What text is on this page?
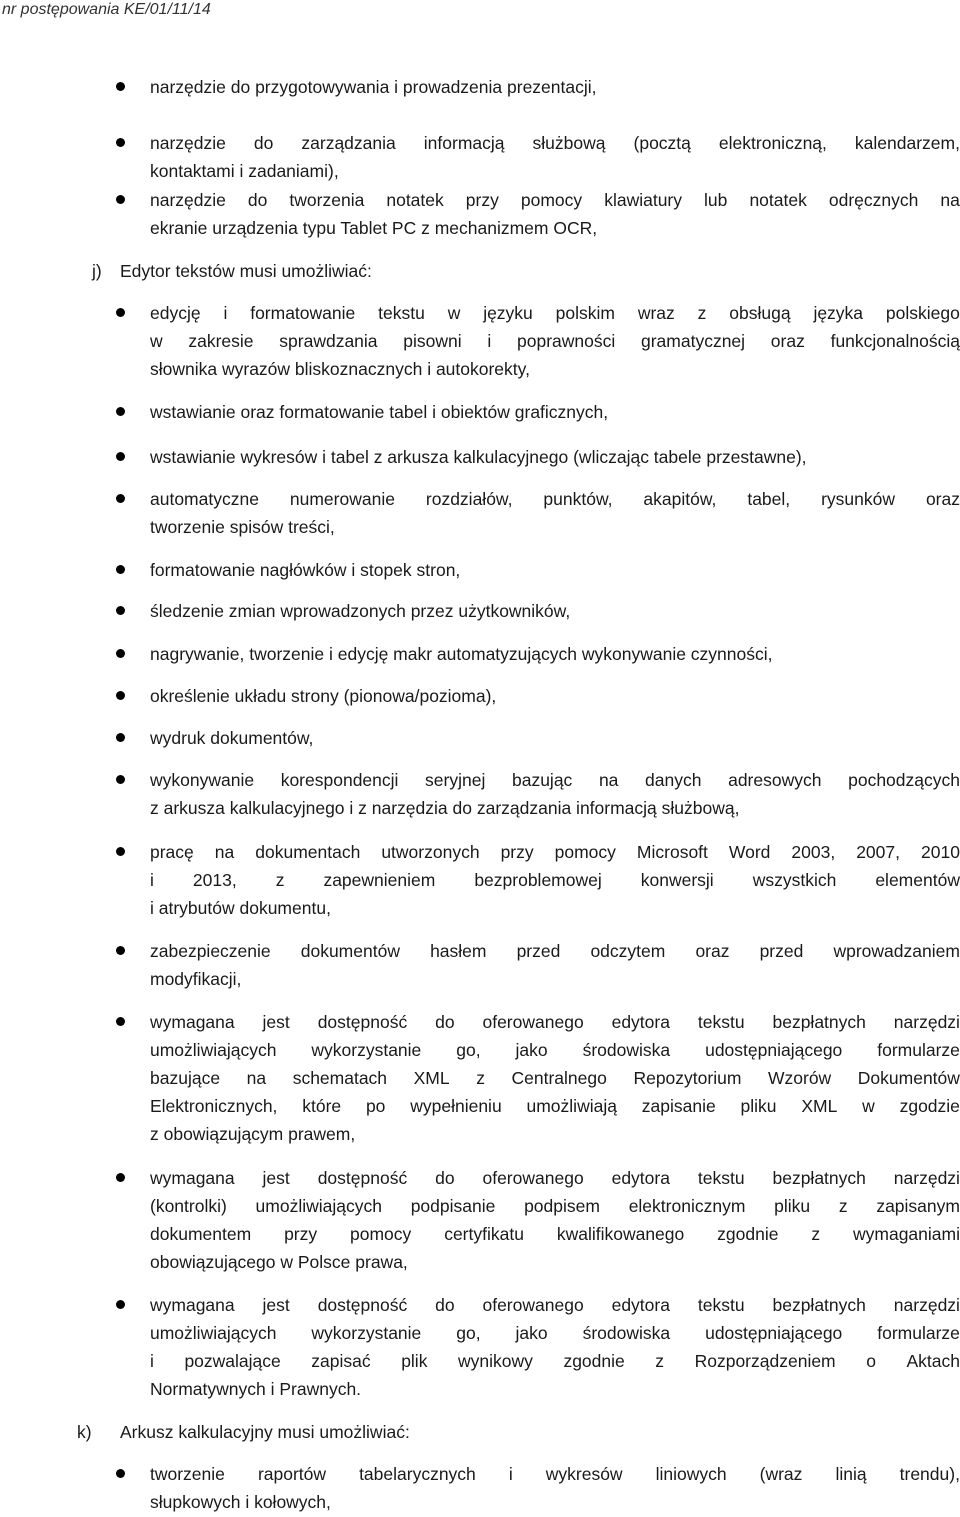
nr postępowania KE/01/11/14
narzędzie do przygotowywania i prowadzenia prezentacji,
narzędzie do zarządzania informacją służbową (pocztą elektroniczną, kalendarzem,
kontaktami i zadaniami),
narzędzie do tworzenia notatek przy pomocy klawiatury lub notatek odręcznych na
ekranie urządzenia typu Tablet PC z mechanizmem OCR,
j) Edytor tekstów musi umożliwiać:
edycję i formatowanie tekstu w języku polskim wraz z obsługą języka polskiego
w zakresie sprawdzania pisowni i poprawności gramatycznej oraz funkcjonalnością
słownika wyrazów bliskoznacznych i autokorekty,
wstawianie oraz formatowanie tabel i obiektów graficznych,
wstawianie wykresów i tabel z arkusza kalkulacyjnego (wliczając tabele przestawne),
automatyczne numerowanie rozdziałów, punktów, akapitów, tabel, rysunków oraz
tworzenie spisów treści,
formatowanie nagłówków i stopek stron,
śledzenie zmian wprowadzonych przez użytkowników,
nagrywanie, tworzenie i edycję makr automatyzujących wykonywanie czynności,
określenie układu strony (pionowa/pozioma),
wydruk dokumentów,
wykonywanie korespondencji seryjnej bazując na danych adresowych pochodzących
z arkusza kalkulacyjnego i z narzędzia do zarządzania informacją służbową,
pracę na dokumentach utworzonych przy pomocy Microsoft Word 2003, 2007, 2010
i 2013, z zapewnieniem bezproblemowej konwersji wszystkich elementów
i atrybutów dokumentu,
zabezpieczenie dokumentów hasłem przed odczytem oraz przed wprowadzaniem
modyfikacji,
wymagana jest dostępność do oferowanego edytora tekstu bezpłatnych narzędzi
umożliwiających wykorzystanie go, jako środowiska udostępniającego formularze
bazujące na schematach XML z Centralnego Repozytorium Wzorów Dokumentów
Elektronicznych, które po wypełnieniu umożliwiają zapisanie pliku XML w zgodzie
z obowiązującym prawem,
wymagana jest dostępność do oferowanego edytora tekstu bezpłatnych narzędzi
(kontrolki) umożliwiających podpisanie podpisem elektronicznym pliku z zapisanym
dokumentem przy pomocy certyfikatu kwalifikowanego zgodnie z wymaganiami
obowiązującego w Polsce prawa,
wymagana jest dostępność do oferowanego edytora tekstu bezpłatnych narzędzi
umożliwiających wykorzystanie go, jako środowiska udostępniającego formularze
i pozwalające zapisać plik wynikowy zgodnie z Rozporządzeniem o Aktach
Normatywnych i Prawnych.
k) Arkusz kalkulacyjny musi umożliwiać:
tworzenie raportów tabelarycznych i wykresów liniowych (wraz linią trendu),
słupkowych i kołowych,
